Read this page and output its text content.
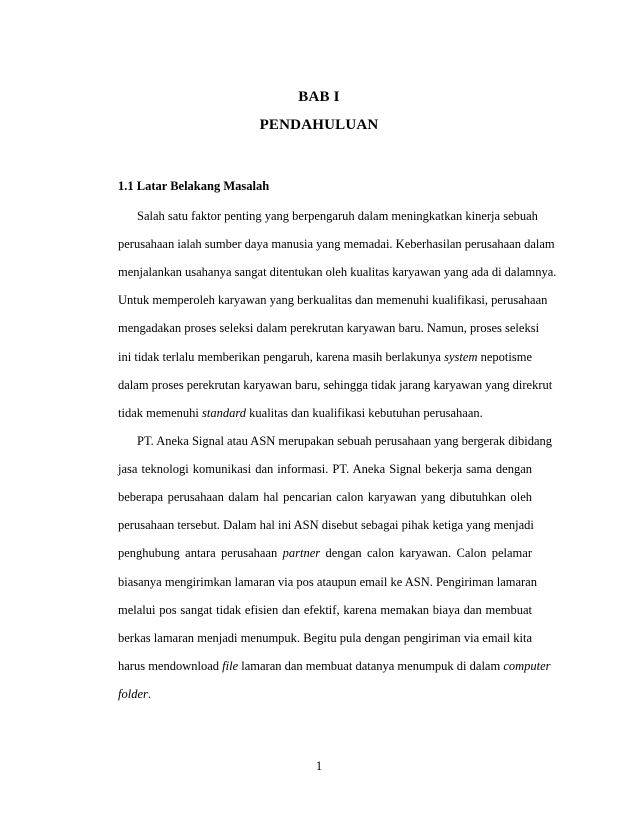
BAB I
PENDAHULUAN
1.1 Latar Belakang Masalah
Salah satu faktor penting yang berpengaruh dalam meningkatkan kinerja sebuah
perusahaan ialah sumber daya manusia yang memadai. Keberhasilan perusahaan dalam
menjalankan usahanya sangat ditentukan oleh kualitas karyawan yang ada di dalamnya.
Untuk memperoleh karyawan yang berkualitas dan memenuhi kualifikasi, perusahaan
mengadakan proses seleksi dalam perekrutan karyawan baru. Namun, proses seleksi
ini tidak terlalu memberikan pengaruh, karena masih berlakunya system nepotisme
dalam proses perekrutan karyawan baru, sehingga tidak jarang karyawan yang direkrut
tidak memenuhi standard kualitas dan kualifikasi kebutuhan perusahaan.
PT. Aneka Signal atau ASN merupakan sebuah perusahaan yang bergerak dibidang
jasa teknologi komunikasi dan informasi. PT. Aneka Signal bekerja sama dengan
beberapa perusahaan dalam hal pencarian calon karyawan yang dibutuhkan oleh
perusahaan tersebut. Dalam hal ini ASN disebut sebagai pihak ketiga yang menjadi
penghubung antara perusahaan partner dengan calon karyawan. Calon pelamar
biasanya mengirimkan lamaran via pos ataupun email ke ASN. Pengiriman lamaran
melalui pos sangat tidak efisien dan efektif, karena memakan biaya dan membuat
berkas lamaran menjadi menumpuk. Begitu pula dengan pengiriman via email kita
harus mendownload file lamaran dan membuat datanya menumpuk di dalam computer
folder.
1
